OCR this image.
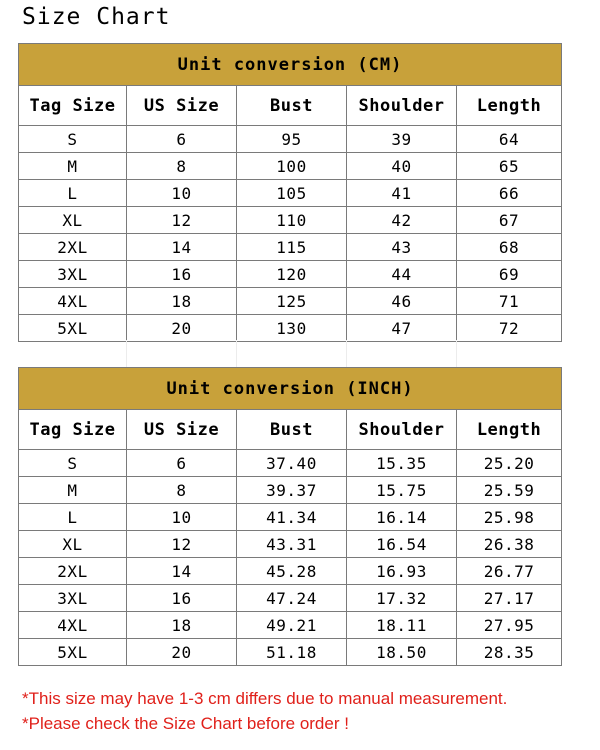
Size Chart
Unit conversion (CM)				
Tag Size	US Size	Bust	Shoulder	Length
S	6	95	39	64
M	8	100	40	65
L	10	105	41	66
XL	12	110	42	67
2XL	14	115	43	68
3XL	16	120	44	69
4XL	18	125	46	71
5XL	20	130	47	72
Unit conversion (INCH)				
Tag Size	US Size	Bust	Shoulder	Length
S	6	37.40	15.35	25.20
M	8	39.37	15.75	25.59
L	10	41.34	16.14	25.98
XL	12	43.31	16.54	26.38
2XL	14	45.28	16.93	26.77
3XL	16	47.24	17.32	27.17
4XL	18	49.21	18.11	27.95
5XL	20	51.18	18.50	28.35
*This size may have 1-3 cm differs due to manual measurement.
*Please check the Size Chart before order !
